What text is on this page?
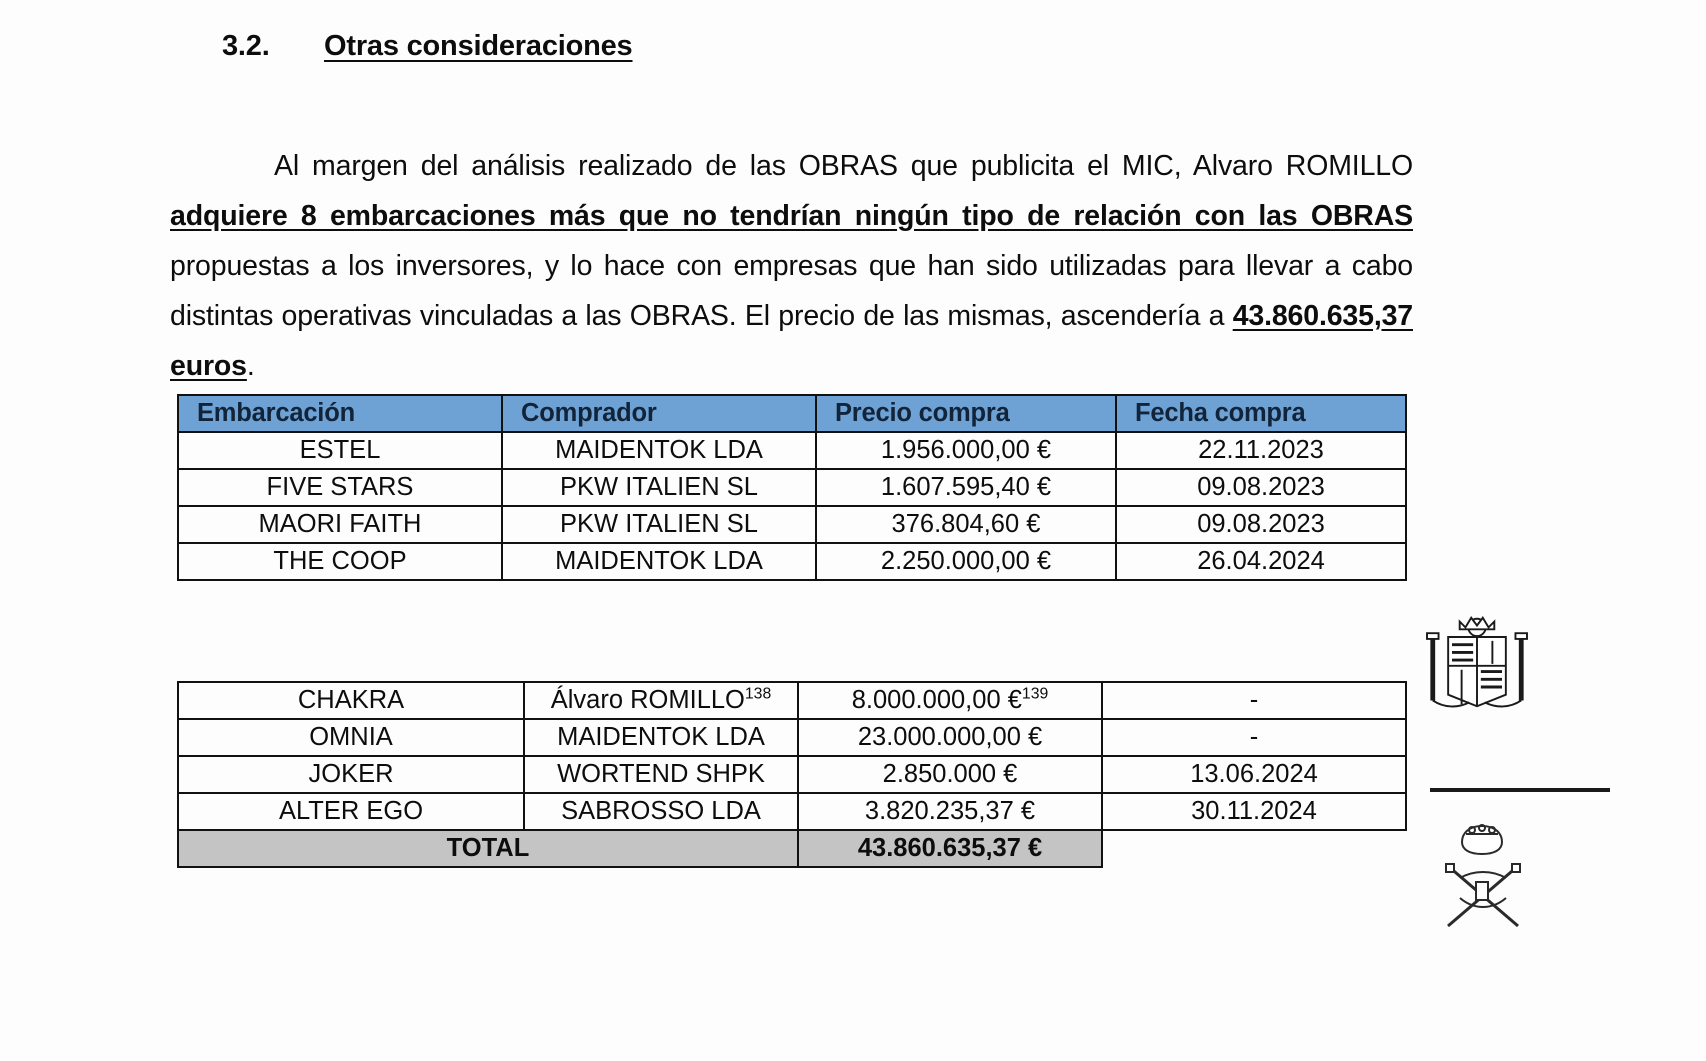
3.2.	Otras consideraciones

Al margen del análisis realizado de las OBRAS que publicita el MIC, Alvaro ROMILLO adquiere 8 embarcaciones más que no tendrían ningún tipo de relación con las OBRAS propuestas a los inversores, y lo hace con empresas que han sido utilizadas para llevar a cabo distintas operativas vinculadas a las OBRAS. El precio de las mismas, ascendería a 43.860.635,37 euros.

Embarcación	Comprador	Precio compra	Fecha compra
ESTEL	MAIDENTOK LDA	1.956.000,00 €	22.11.2023
FIVE STARS	PKW ITALIEN SL	1.607.595,40 €	09.08.2023
MAORI FAITH	PKW ITALIEN SL	376.804,60 €	09.08.2023
THE COOP	MAIDENTOK LDA	2.250.000,00 €	26.04.2024
CHAKRA	Álvaro ROMILLO$^{138}$	8.000.000,00 €$^{139}$	-
OMNIA	MAIDENTOK LDA	23.000.000,00 €	-
JOKER	WORTEND SHPK	2.850.000 €	13.06.2024
ALTER EGO	SABROSSO LDA	3.820.235,37 €	30.11.2024
TOTAL		43.860.635,37 €	
